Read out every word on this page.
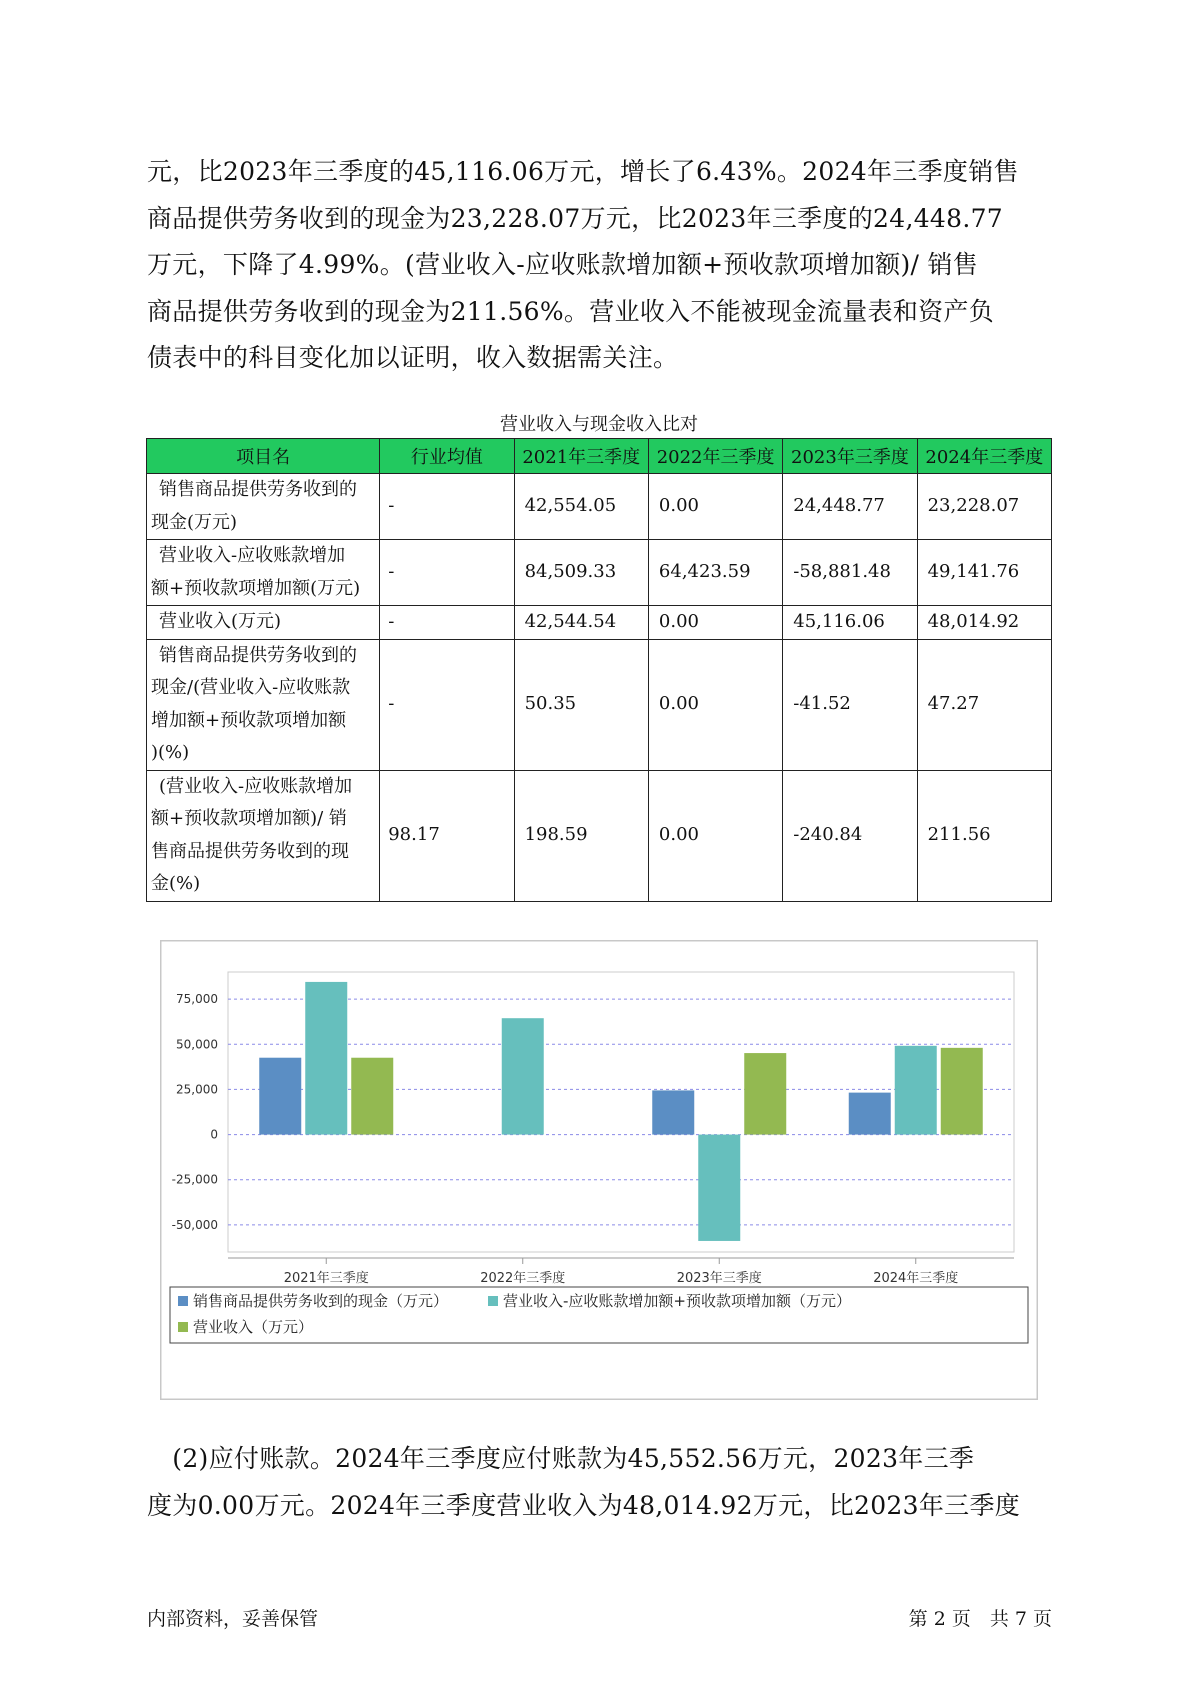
元，比2023年三季度的45,116.06万元，增长了6.43%。2024年三季度销售
商品提供劳务收到的现金为23,228.07万元，比2023年三季度的24,448.77
万元，下降了4.99%。(营业收入-应收账款增加额+预收款项增加额)/ 销售
商品提供劳务收到的现金为211.56%。营业收入不能被现金流量表和资产负
债表中的科目变化加以证明，收入数据需关注。
营业收入与现金收入比对
项目名	行业均值	2021年三季度	2022年三季度	2023年三季度	2024年三季度

销售商品提供劳务收到的
现金(万元)	-	42,554.05	0.00	24,448.77	23,228.07

营业收入-应收账款增加
额+预收款项增加额(万元)	-	84,509.33	64,423.59	-58,881.48	49,141.76

营业收入(万元)	-	42,544.54	0.00	45,116.06	48,014.92

销售商品提供劳务收到的
现金/(营业收入-应收账款
增加额+预收款项增加额
)(%)	-	50.35	0.00	-41.52	47.27

(营业收入-应收账款增加
额+预收款项增加额)/ 销
售商品提供劳务收到的现
金(%)	98.17	198.59	0.00	-240.84	211.56
75,000
50,000
25,000
0
-25,000
-50,000
2021年三季度	2022年三季度	2023年三季度	2024年三季度
销售商品提供劳务收到的现金（万元）	营业收入-应收账款增加额+预收款项增加额（万元）
营业收入（万元）
　(2)应付账款。2024年三季度应付账款为45,552.56万元，2023年三季
度为0.00万元。2024年三季度营业收入为48,014.92万元，比2023年三季度
内部资料，妥善保管	第 2 页　共 7 页
